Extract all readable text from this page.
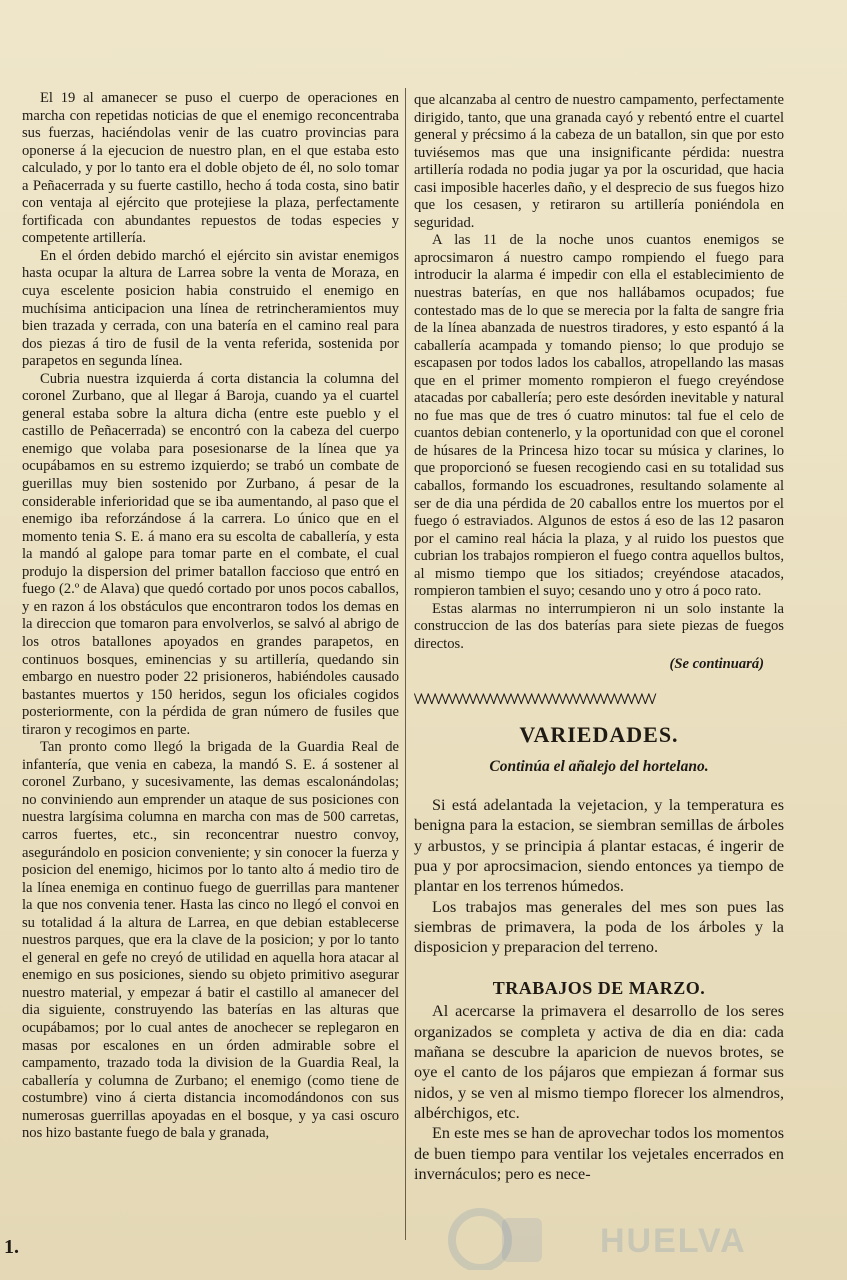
El 19 al amanecer se puso el cuerpo de operaciones en marcha con repetidas noticias de que el enemigo reconcentraba sus fuerzas, haciéndolas venir de las cuatro provincias para oponerse á la ejecucion de nuestro plan, en el que estaba esto calculado, y por lo tanto era el doble objeto de él, no solo tomar a Peñacerrada y su fuerte castillo, hecho á toda costa, sino batir con ventaja al ejército que protejiese la plaza, perfectamente fortificada con abundantes repuestos de todas especies y competente artillería.

En el órden debido marchó el ejército sin avistar enemigos hasta ocupar la altura de Larrea sobre la venta de Moraza, en cuya escelente posicion habia construido el enemigo en muchísima anticipacion una línea de retrincheramientos muy bien trazada y cerrada, con una batería en el camino real para dos piezas á tiro de fusil de la venta referida, sostenida por parapetos en segunda línea.

Cubria nuestra izquierda á corta distancia la columna del coronel Zurbano, que al llegar á Baroja, cuando ya el cuartel general estaba sobre la altura dicha (entre este pueblo y el castillo de Peñacerrada) se encontró con la cabeza del cuerpo enemigo que volaba para posesionarse de la línea que ya ocupábamos en su estremo izquierdo; se trabó un combate de guerillas muy bien sostenido por Zurbano, á pesar de la considerable inferioridad que se iba aumentando, al paso que el enemigo iba reforzándose á la carrera. Lo único que en el momento tenia S. E. á mano era su escolta de caballería, y esta la mandó al galope para tomar parte en el combate, el cual produjo la dispersion del primer batallon faccioso que entró en fuego (2.º de Alava) que quedó cortado por unos pocos caballos, y en razon á los obstáculos que encontraron todos los demas en la direccion que tomaron para envolverlos, se salvó al abrigo de los otros batallones apoyados en grandes parapetos, en continuos bosques, eminencias y su artillería, quedando sin embargo en nuestro poder 22 prisioneros, habiéndoles causado bastantes muertos y 150 heridos, segun los oficiales cogidos posteriormente, con la pérdida de gran número de fusiles que tiraron y recogimos en parte.

Tan pronto como llegó la brigada de la Guardia Real de infantería, que venia en cabeza, la mandó S. E. á sostener al coronel Zurbano, y sucesivamente, las demas escalonándolas; no conviniendo aun emprender un ataque de sus posiciones con nuestra largísima columna en marcha con mas de 500 carretas, carros fuertes, etc., sin reconcentrar nuestro convoy, asegurándolo en posicion conveniente; y sin conocer la fuerza y posicion del enemigo, hicimos por lo tanto alto á medio tiro de la línea enemiga en continuo fuego de guerrillas para mantener la que nos convenia tener. Hasta las cinco no llegó el convoi en su totalidad á la altura de Larrea, en que debian establecerse nuestros parques, que era la clave de la posicion; y por lo tanto el general en gefe no creyó de utilidad en aquella hora atacar al enemigo en sus posiciones, siendo su objeto primitivo asegurar nuestro material, y empezar á batir el castillo al amanecer del dia siguiente, construyendo las baterías en las alturas que ocupábamos; por lo cual antes de anochecer se replegaron en masas por escalones en un órden admirable sobre el campamento, trazado toda la division de la Guardia Real, la caballería y columna de Zurbano; el enemigo (como tiene de costumbre) vino á cierta distancia incomodándonos con sus numerosas guerrillas apoyadas en el bosque, y ya casi oscuro nos hizo bastante fuego de bala y granada,

que alcanzaba al centro de nuestro campamento, perfectamente dirigido, tanto, que una granada cayó y rebentó entre el cuartel general y précsimo á la cabeza de un batallon, sin que por esto tuviésemos mas que una insignificante pérdida: nuestra artillería rodada no podia jugar ya por la oscuridad, que hacia casi imposible hacerles daño, y el desprecio de sus fuegos hizo que los cesasen, y retiraron su artillería poniéndola en seguridad.

A las 11 de la noche unos cuantos enemigos se aprocsimaron á nuestro campo rompiendo el fuego para introducir la alarma é impedir con ella el establecimiento de nuestras baterías, en que nos hallábamos ocupados; fue contestado mas de lo que se merecia por la falta de sangre fria de la línea abanzada de nuestros tiradores, y esto espantó á la caballería acampada y tomando pienso; lo que produjo se escapasen por todos lados los caballos, atropellando las masas que en el primer momento rompieron el fuego creyéndose atacadas por caballería; pero este desórden inevitable y natural no fue mas que de tres ó cuatro minutos: tal fue el celo de cuantos debian contenerlo, y la oportunidad con que el coronel de húsares de la Princesa hizo tocar su música y clarines, lo que proporcionó se fuesen recogiendo casi en su totalidad sus caballos, formando los escuadrones, resultando solamente al ser de dia una pérdida de 20 caballos entre los muertos por el fuego ó estraviados. Algunos de estos á eso de las 12 pasaron por el camino real hácia la plaza, y al ruido los puestos que cubrian los trabajos rompieron el fuego contra aquellos bultos, al mismo tiempo que los sitiados; creyéndose atacados, rompieron tambien el suyo; cesando uno y otro á poco rato.

Estas alarmas no interrumpieron ni un solo instante la construccion de las dos baterías para siete piezas de fuegos directos.

(Se continuará)
\/\/\/\/\/\/\/\/\/\/\/\/\/\/\/\/\/\/\/\/\/\/\/\/\/\/\/\/\/\/\/\/\/\/\/
VARIEDADES.
Continúa el añalejo del hortelano.

Si está adelantada la vejetacion, y la temperatura es benigna para la estacion, se siembran semillas de árboles y arbustos, y se principia á plantar estacas, é ingerir de pua y por aprocsimacion, siendo entonces ya tiempo de plantar en los terrenos húmedos.

Los trabajos mas generales del mes son pues las siembras de primavera, la poda de los árboles y la disposicion y preparacion del terreno.

TRABAJOS DE MARZO.

Al acercarse la primavera el desarrollo de los seres organizados se completa y activa de dia en dia: cada mañana se descubre la aparicion de nuevos brotes, se oye el canto de los pájaros que empiezan á formar sus nidos, y se ven al mismo tiempo florecer los almendros, albérchigos, etc.

En este mes se han de aprovechar todos los momentos de buen tiempo para ventilar los vejetales encerrados en invernáculos; pero es nece-

1.	HUELVA
